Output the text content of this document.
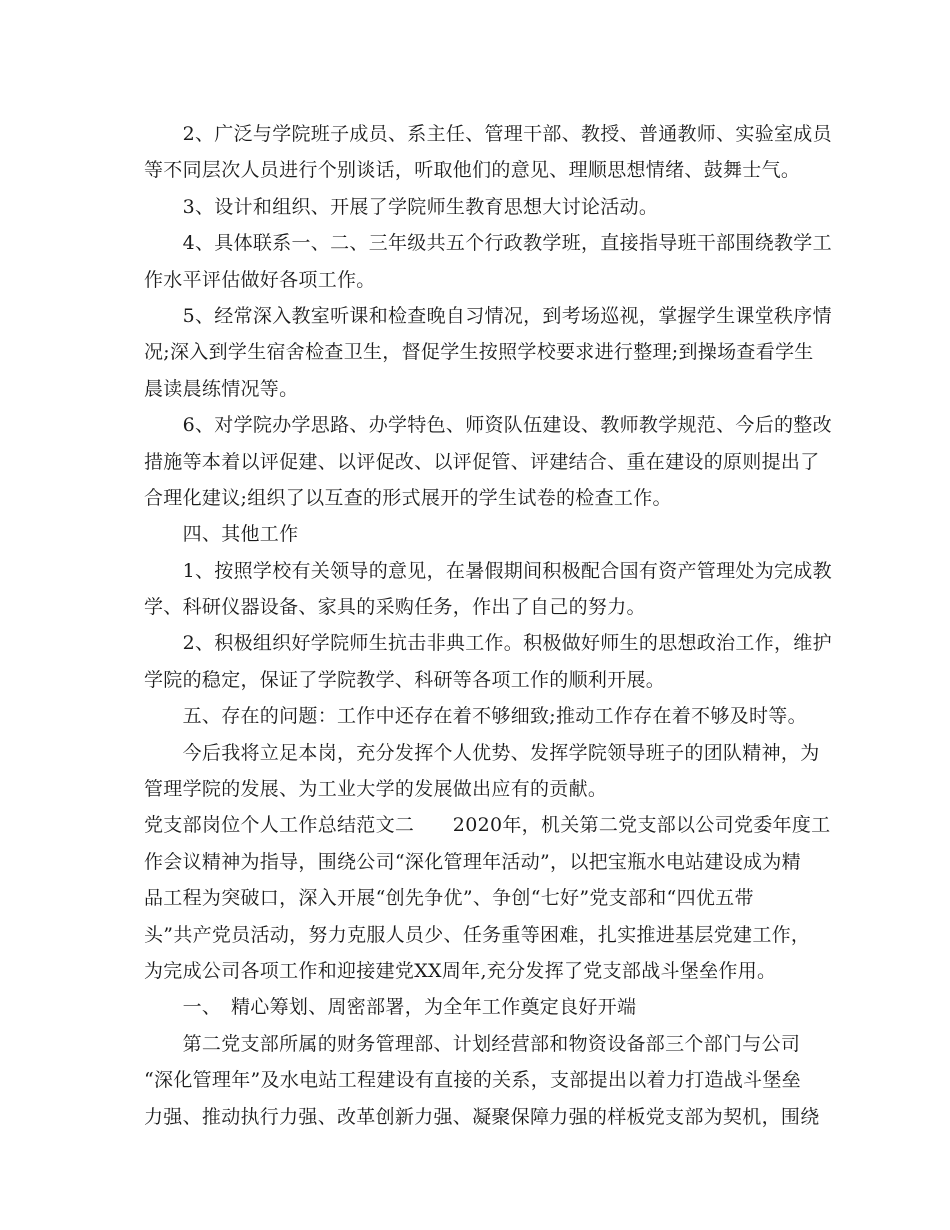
　　2、广泛与学院班子成员、系主任、管理干部、教授、普通教师、实验室成员
等不同层次人员进行个别谈话，听取他们的意见、理顺思想情绪、鼓舞士气。
　　3、设计和组织、开展了学院师生教育思想大讨论活动。
　　4、具体联系一、二、三年级共五个行政教学班，直接指导班干部围绕教学工
作水平评估做好各项工作。
　　5、经常深入教室听课和检查晚自习情况，到考场巡视，掌握学生课堂秩序情
况;深入到学生宿舍检查卫生，督促学生按照学校要求进行整理;到操场查看学生
晨读晨练情况等。
　　6、对学院办学思路、办学特色、师资队伍建设、教师教学规范、今后的整改
措施等本着以评促建、以评促改、以评促管、评建结合、重在建设的原则提出了
合理化建议;组织了以互查的形式展开的学生试卷的检查工作。
　　四、其他工作
　　1、按照学校有关领导的意见，在暑假期间积极配合国有资产管理处为完成教
学、科研仪器设备、家具的采购任务，作出了自己的努力。
　　2、积极组织好学院师生抗击非典工作。积极做好师生的思想政治工作，维护
学院的稳定，保证了学院教学、科研等各项工作的顺利开展。
　　五、存在的问题：工作中还存在着不够细致;推动工作存在着不够及时等。
　　今后我将立足本岗，充分发挥个人优势、发挥学院领导班子的团队精神，为
管理学院的发展、为工业大学的发展做出应有的贡献。
党支部岗位个人工作总结范文二　　2020年，机关第二党支部以公司党委年度工
作会议精神为指导，围绕公司“深化管理年活动”，以把宝瓶水电站建设成为精
品工程为突破口，深入开展“创先争优”、争创“七好”党支部和“四优五带
头”共产党员活动，努力克服人员少、任务重等困难，扎实推进基层党建工作，
为完成公司各项工作和迎接建党XX周年,充分发挥了党支部战斗堡垒作用。
　　一、　精心筹划、周密部署，为全年工作奠定良好开端
　　第二党支部所属的财务管理部、计划经营部和物资设备部三个部门与公司
“深化管理年”及水电站工程建设有直接的关系，支部提出以着力打造战斗堡垒
力强、推动执行力强、改革创新力强、凝聚保障力强的样板党支部为契机，围绕
